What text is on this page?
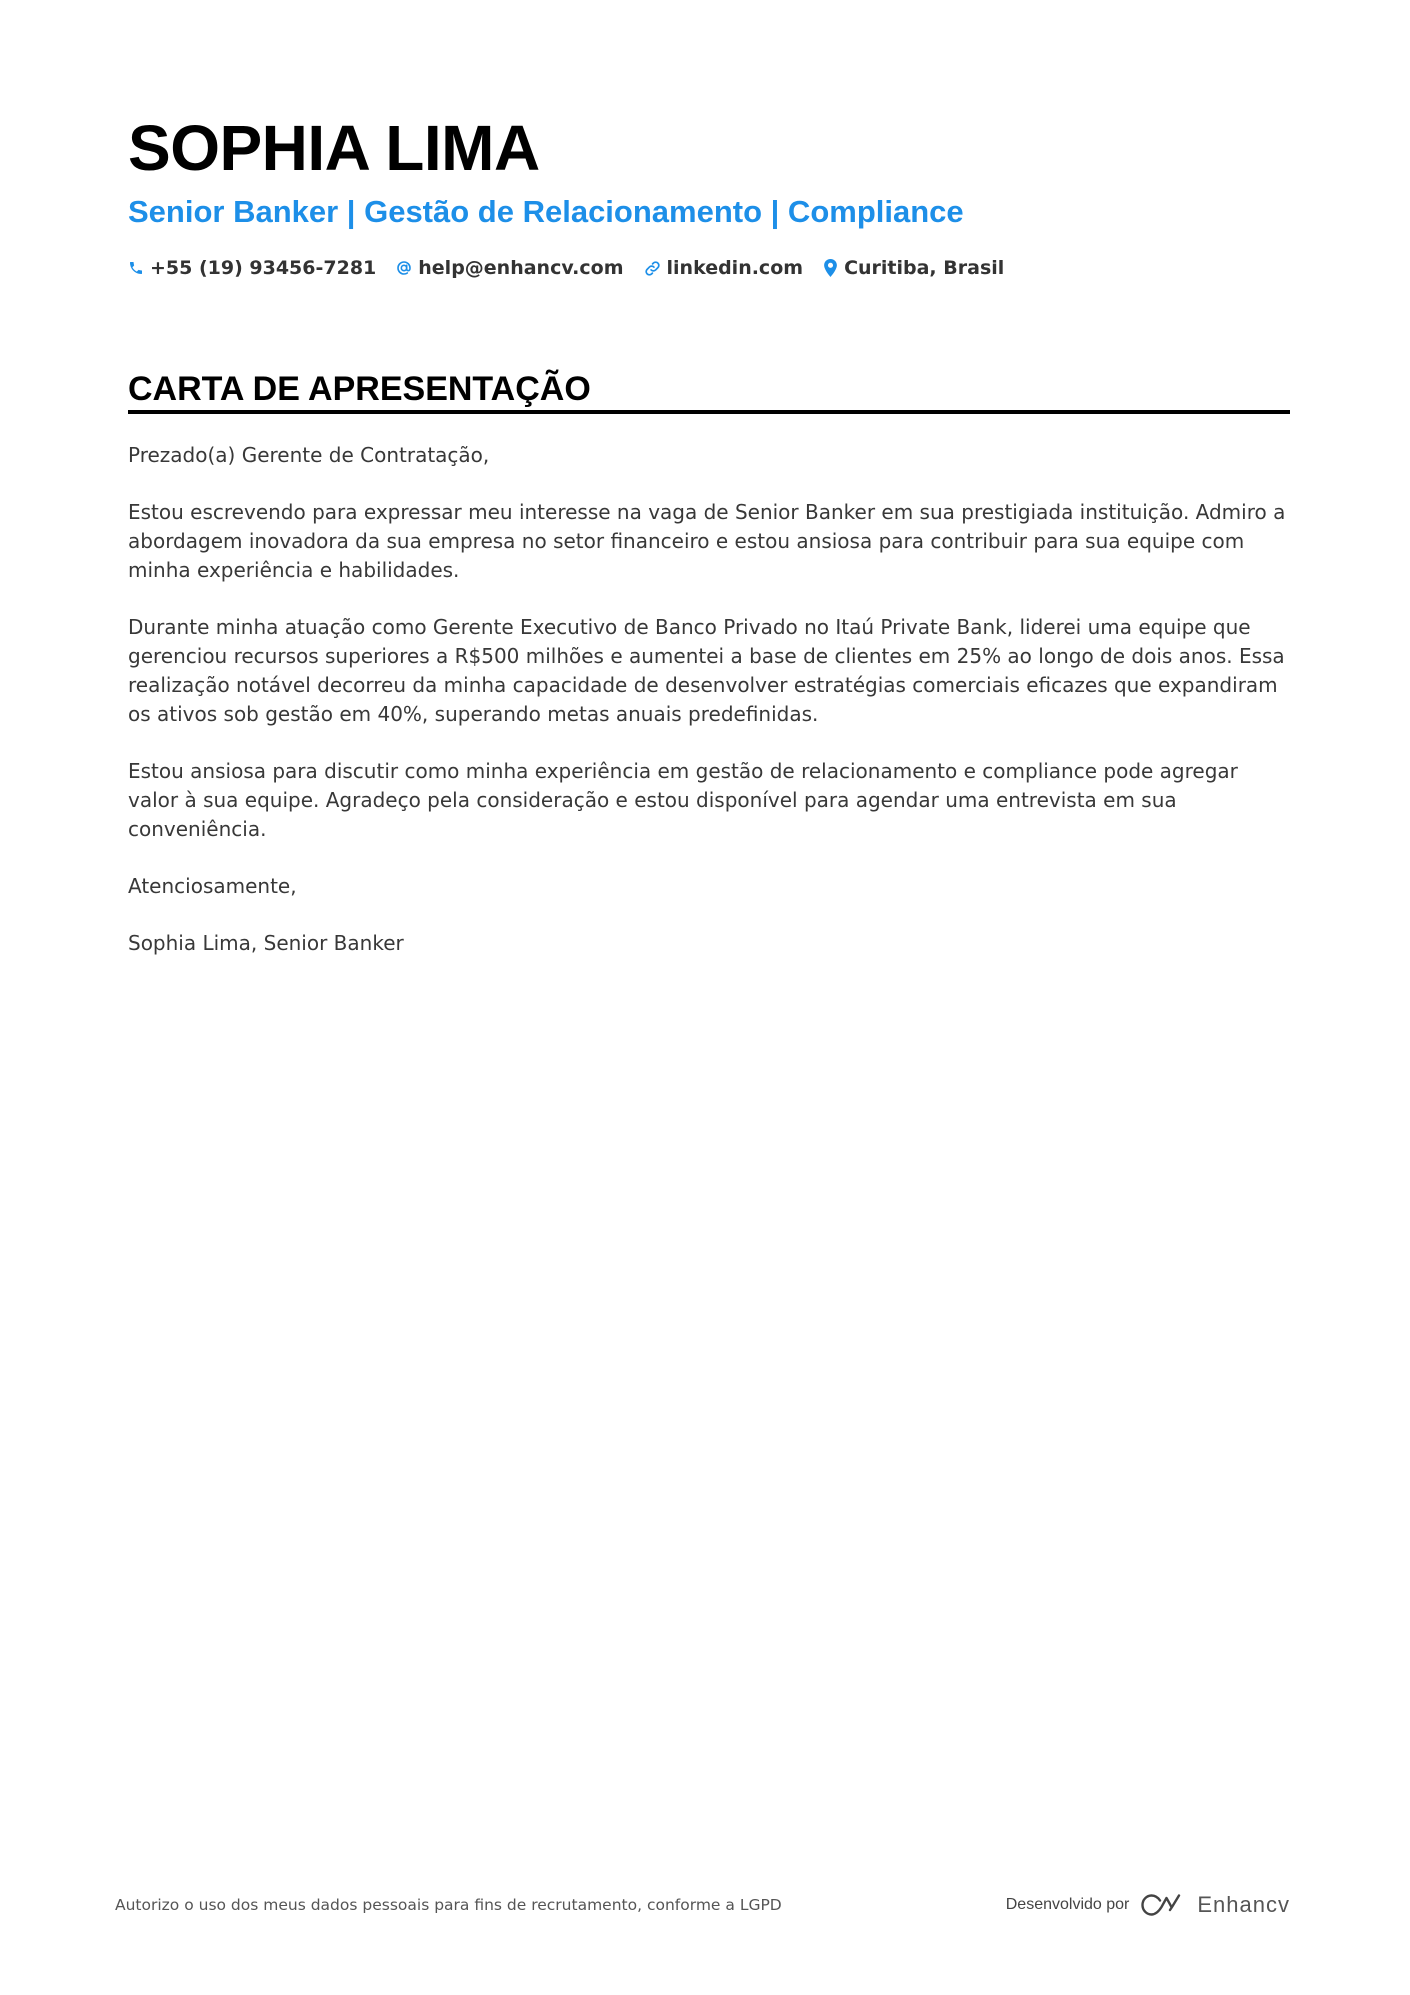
SOPHIA LIMA
Senior Banker | Gestão de Relacionamento | Compliance
+55 (19) 93456-7281 help@enhancv.com linkedin.com Curitiba, Brasil
CARTA DE APRESENTAÇÃO

Prezado(a) Gerente de Contratação,

Estou escrevendo para expressar meu interesse na vaga de Senior Banker em sua prestigiada instituição. Admiro a abordagem inovadora da sua empresa no setor financeiro e estou ansiosa para contribuir para sua equipe com minha experiência e habilidades.

Durante minha atuação como Gerente Executivo de Banco Privado no Itaú Private Bank, liderei uma equipe que gerenciou recursos superiores a R$500 milhões e aumentei a base de clientes em 25% ao longo de dois anos. Essa realização notável decorreu da minha capacidade de desenvolver estratégias comerciais eficazes que expandiram os ativos sob gestão em 40%, superando metas anuais predefinidas.

Estou ansiosa para discutir como minha experiência em gestão de relacionamento e compliance pode agregar valor à sua equipe. Agradeço pela consideração e estou disponível para agendar uma entrevista em sua conveniência.

Atenciosamente,

Sophia Lima, Senior Banker

Autorizo o uso dos meus dados pessoais para fins de recrutamento, conforme a LGPD	Desenvolvido por	Enhancv
